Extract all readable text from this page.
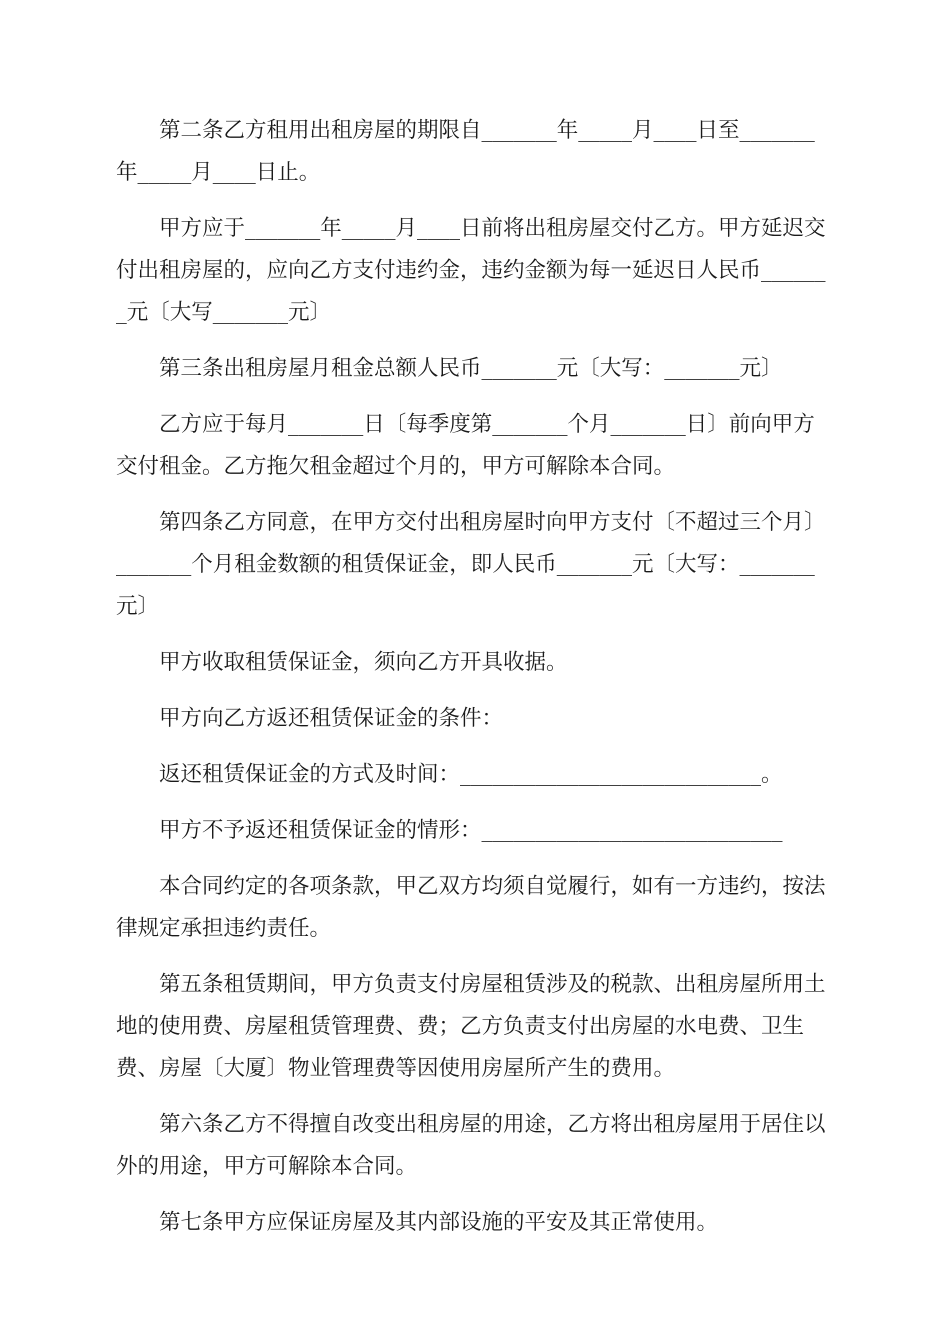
第二条乙方租用出租房屋的期限自_______年_____月____日至_______年_____月____日止。

甲方应于_______年_____月____日前将出租房屋交付乙方。甲方延迟交付出租房屋的，应向乙方支付违约金，违约金额为每一延迟日人民币_______元〔大写_______元〕

第三条出租房屋月租金总额人民币_______元〔大写：_______元〕

乙方应于每月_______日〔每季度第_______个月_______日〕前向甲方交付租金。乙方拖欠租金超过个月的，甲方可解除本合同。

第四条乙方同意，在甲方交付出租房屋时向甲方支付〔不超过三个月〕_______个月租金数额的租赁保证金，即人民币_______元〔大写：_______元〕

甲方收取租赁保证金，须向乙方开具收据。

甲方向乙方返还租赁保证金的条件：

返还租赁保证金的方式及时间：____________________________。

甲方不予返还租赁保证金的情形：____________________________

本合同约定的各项条款，甲乙双方均须自觉履行，如有一方违约，按法律规定承担违约责任。

第五条租赁期间，甲方负责支付房屋租赁涉及的税款、出租房屋所用土地的使用费、房屋租赁管理费、费；乙方负责支付出房屋的水电费、卫生费、房屋〔大厦〕物业管理费等因使用房屋所产生的费用。

第六条乙方不得擅自改变出租房屋的用途，乙方将出租房屋用于居住以外的用途，甲方可解除本合同。

第七条甲方应保证房屋及其内部设施的平安及其正常使用。
